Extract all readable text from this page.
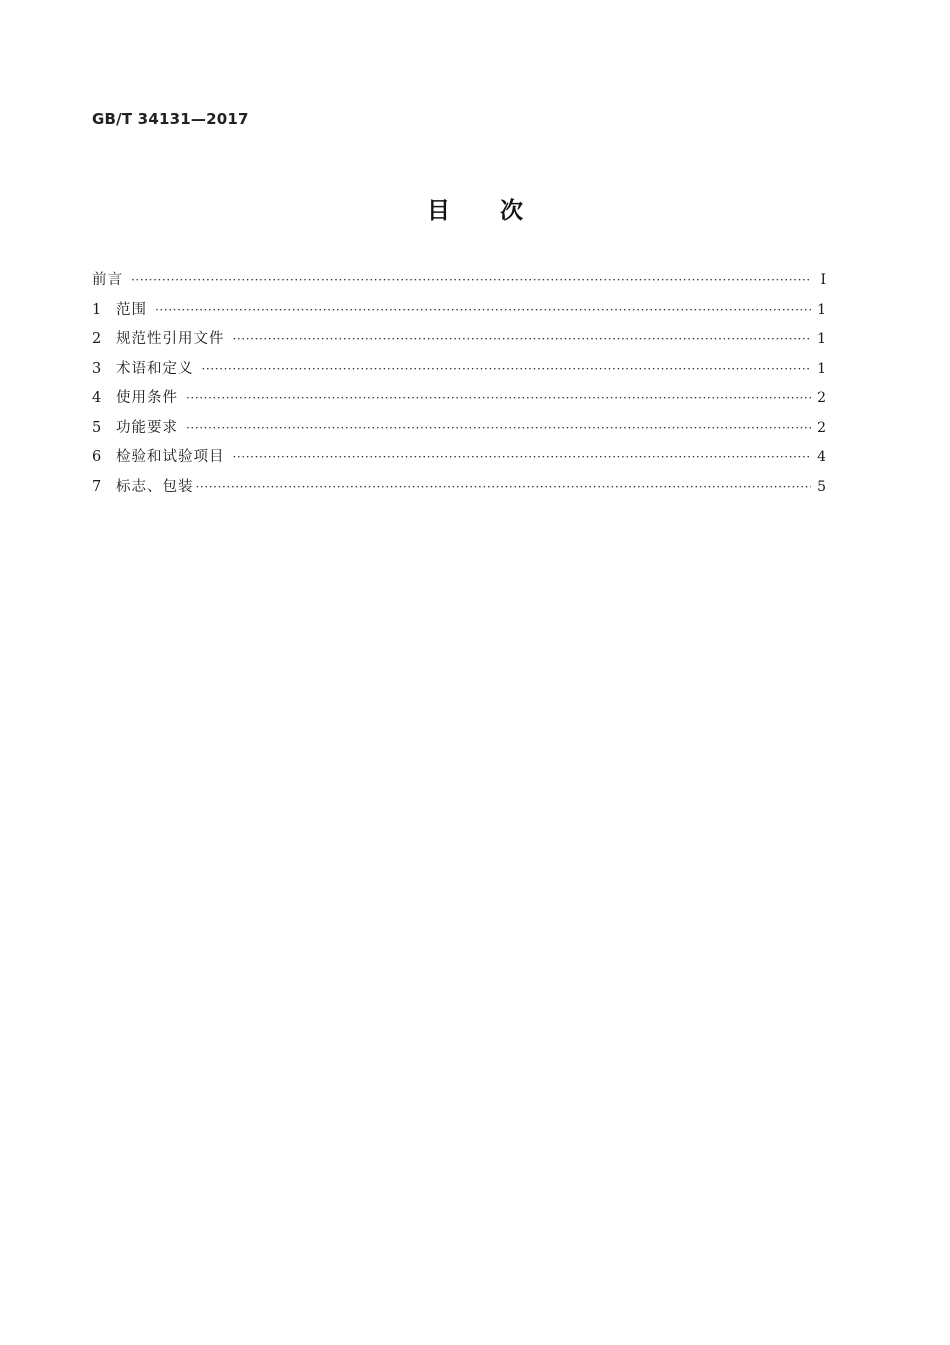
GB/T 34131—2017
目次
前言 ·····	Ⅰ
1	范围 ·····	1
2	规范性引用文件 ·····	1
3	术语和定义 ·····	1
4	使用条件 ·····	2
5	功能要求 ·····	2
6	检验和试验项目 ·····	4
7	标志、包装 ·····	5
